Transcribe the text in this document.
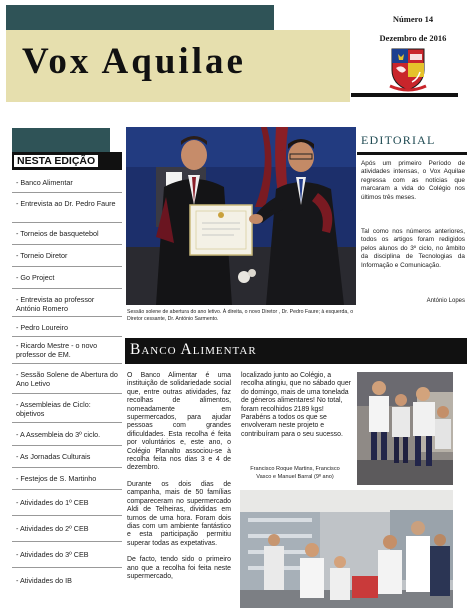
Vox Aquilae
Número 14
Dezembro de 2016
NESTA EDIÇÃO
- Banco Alimentar
- Entrevista ao Dr. Pedro Faure
- Torneios de basquetebol
- Torneio Diretor
- Go Project
- Entrevista ao professor António Romero
- Pedro Loureiro
- Ricardo Mestre - o novo professor de EM.
- Sessão Solene de Abertura do Ano Letivo
- Assembleias de Ciclo: objetivos
- A Assembleia do 3º ciclo.
- As Jornadas Culturais
- Festejos de S. Martinho
- Atividades do 1º CEB
- Atividades do 2º CEB
- Atividades do 3º CEB
- Atividades do IB
Sessão solene de abertura do ano letivo. À direita, o novo Diretor , Dr. Pedro Faure; à esquerda, o Diretor cessante, Dr. António Sarmento.
EDITORIAL
Após um primeiro Período de atividades intensas, o Vox Aquilae regressa com as notícias que marcaram a vida do Colégio nos últimos três meses.
Tal como nos números anteriores, todos os artigos foram redigidos pelos alunos do 3º ciclo, no âmbito da disciplina de Tecnologias da Informação e Comunicação.
António Lopes
Banco Alimentar

O Banco Alimentar é uma instituição de solidariedade social que, entre outras atividades, faz recolhas de alimentos, nomeadamente em supermercados, para ajudar pessoas com grandes dificuldades. Esta recolha é feita por voluntários e, este ano, o Colégio Planalto associou-se à recolha feita nos dias 3 e 4 de dezembro.

Durante os dois dias de campanha, mais de 50 famílias compareceram no supermercado Aldi de Telheiras, divididas em turnos de uma hora. Foram dois dias com um ambiente fantástico e esta participação permitiu superar todas as expetativas.

De facto, tendo sido o primeiro ano que a recolha foi feita neste supermercado,

localizado junto ao Colégio, a recolha atingiu, que no sábado quer do domingo, mais de uma tonelada de géneros alimentares! No total, foram recolhidos 2189 kgs! Parabéns a todos os que se envolveram neste projeto e contribuíram para o seu sucesso.

Francisco Roque Martins, Francisco Vasco e Manuel Barral (9º ano)
